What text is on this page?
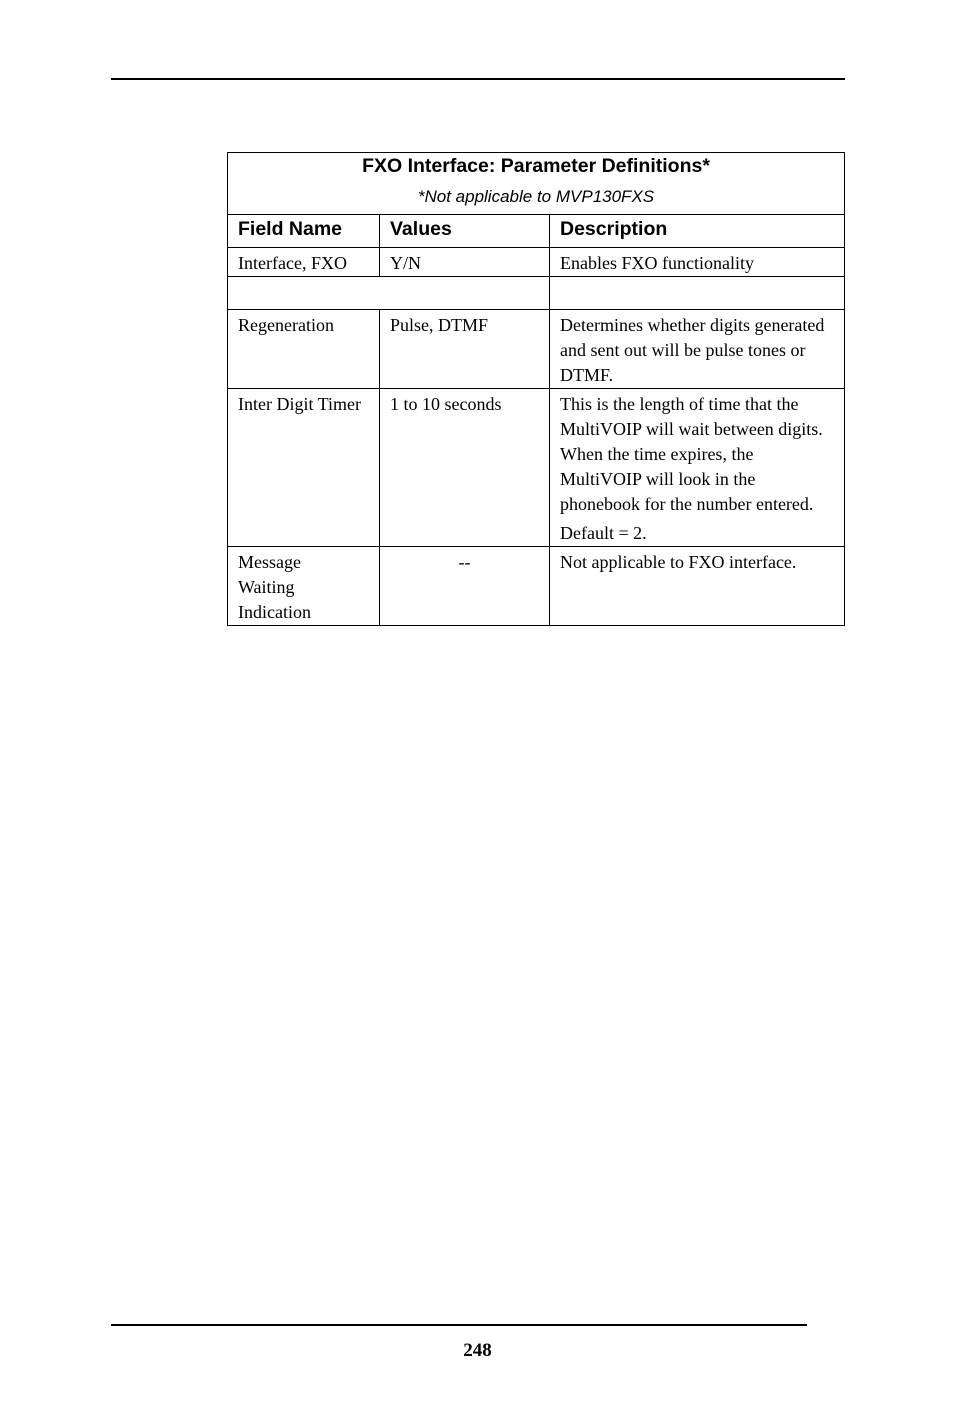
FXO Interface: Parameter Definitions*
*Not applicable to MVP130FXS		

Field Name	Values	Description
Interface, FXO	Y/N	Enables FXO functionality

Regeneration	Pulse, DTMF	Determines whether digits generated and sent out will be pulse tones or DTMF.
Inter Digit Timer	1 to 10 seconds	This is the length of time that the MultiVOIP will wait between digits. When the time expires, the MultiVOIP will look in the phonebook for the number entered.
Default = 2.

Message Waiting Indication	--	Not applicable to FXO interface.
248
